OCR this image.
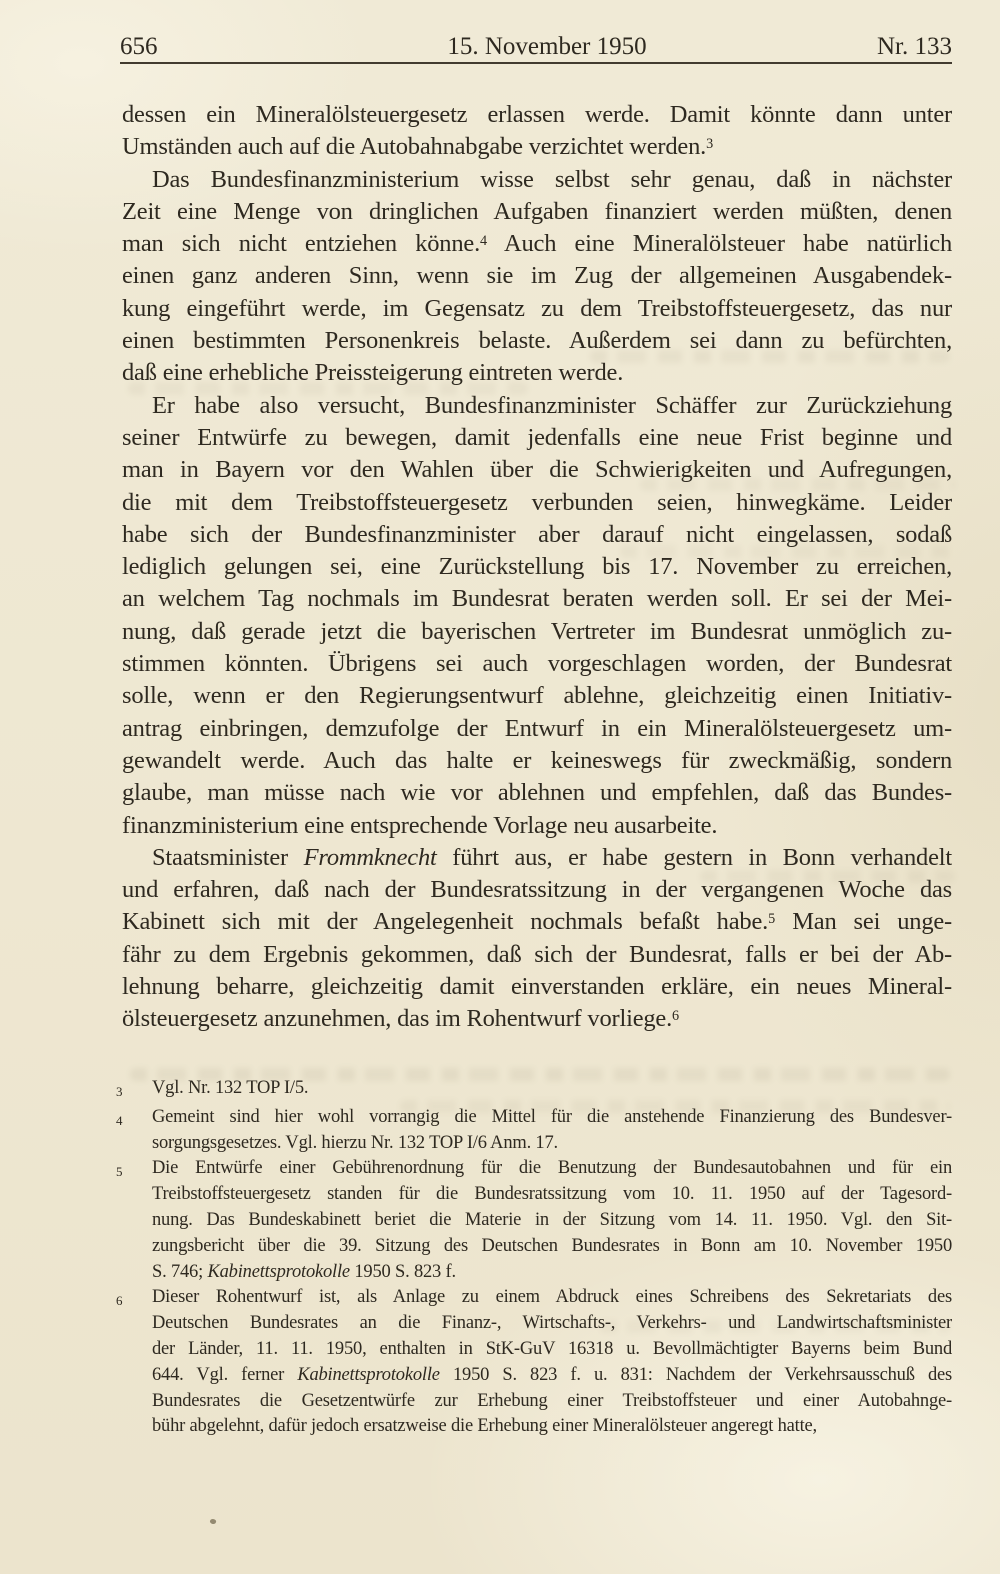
656	15. November 1950	Nr. 133
dessen ein Mineralölsteuergesetz erlassen werde. Damit könnte dann unter
Umständen auch auf die Autobahnabgabe verzichtet werden.$^3$
Das Bundesfinanzministerium wisse selbst sehr genau, daß in nächster
Zeit eine Menge von dringlichen Aufgaben finanziert werden müßten, denen
man sich nicht entziehen könne.$^4$ Auch eine Mineralölsteuer habe natürlich
einen ganz anderen Sinn, wenn sie im Zug der allgemeinen Ausgabendek-
kung eingeführt werde, im Gegensatz zu dem Treibstoffsteuergesetz, das nur
einen bestimmten Personenkreis belaste. Außerdem sei dann zu befürchten,
daß eine erhebliche Preissteigerung eintreten werde.
Er habe also versucht, Bundesfinanzminister Schäffer zur Zurückziehung
seiner Entwürfe zu bewegen, damit jedenfalls eine neue Frist beginne und
man in Bayern vor den Wahlen über die Schwierigkeiten und Aufregungen,
die mit dem Treibstoffsteuergesetz verbunden seien, hinwegkäme. Leider
habe sich der Bundesfinanzminister aber darauf nicht eingelassen, sodaß
lediglich gelungen sei, eine Zurückstellung bis 17. November zu erreichen,
an welchem Tag nochmals im Bundesrat beraten werden soll. Er sei der Mei-
nung, daß gerade jetzt die bayerischen Vertreter im Bundesrat unmöglich zu-
stimmen könnten. Übrigens sei auch vorgeschlagen worden, der Bundesrat
solle, wenn er den Regierungsentwurf ablehne, gleichzeitig einen Initiativ-
antrag einbringen, demzufolge der Entwurf in ein Mineralölsteuergesetz um-
gewandelt werde. Auch das halte er keineswegs für zweckmäßig, sondern
glaube, man müsse nach wie vor ablehnen und empfehlen, daß das Bundes-
finanzministerium eine entsprechende Vorlage neu ausarbeite.
Staatsminister Frommknecht führt aus, er habe gestern in Bonn verhandelt
und erfahren, daß nach der Bundesratssitzung in der vergangenen Woche das
Kabinett sich mit der Angelegenheit nochmals befaßt habe.$^5$ Man sei unge-
fähr zu dem Ergebnis gekommen, daß sich der Bundesrat, falls er bei der Ab-
lehnung beharre, gleichzeitig damit einverstanden erkläre, ein neues Mineral-
ölsteuergesetz anzunehmen, das im Rohentwurf vorliege.$^6$
3	Vgl. Nr. 132 TOP I/5.
4	Gemeint sind hier wohl vorrangig die Mittel für die anstehende Finanzierung des Bundesver-
sorgungsgesetzes. Vgl. hierzu Nr. 132 TOP I/6 Anm. 17.
5	Die Entwürfe einer Gebührenordnung für die Benutzung der Bundesautobahnen und für ein
Treibstoffsteuergesetz standen für die Bundesratssitzung vom 10. 11. 1950 auf der Tagesord-
nung. Das Bundeskabinett beriet die Materie in der Sitzung vom 14. 11. 1950. Vgl. den Sit-
zungsbericht über die 39. Sitzung des Deutschen Bundesrates in Bonn am 10. November 1950
S. 746; Kabinettsprotokolle 1950 S. 823 f.
6	Dieser Rohentwurf ist, als Anlage zu einem Abdruck eines Schreibens des Sekretariats des
Deutschen Bundesrates an die Finanz-, Wirtschafts-, Verkehrs- und Landwirtschaftsminister
der Länder, 11. 11. 1950, enthalten in StK-GuV 16318 u. Bevollmächtigter Bayerns beim Bund
644. Vgl. ferner Kabinettsprotokolle 1950 S. 823 f. u. 831: Nachdem der Verkehrsausschuß des
Bundesrates die Gesetzentwürfe zur Erhebung einer Treibstoffsteuer und einer Autobahnge-
bühr abgelehnt, dafür jedoch ersatzweise die Erhebung einer Mineralölsteuer angeregt hatte,
